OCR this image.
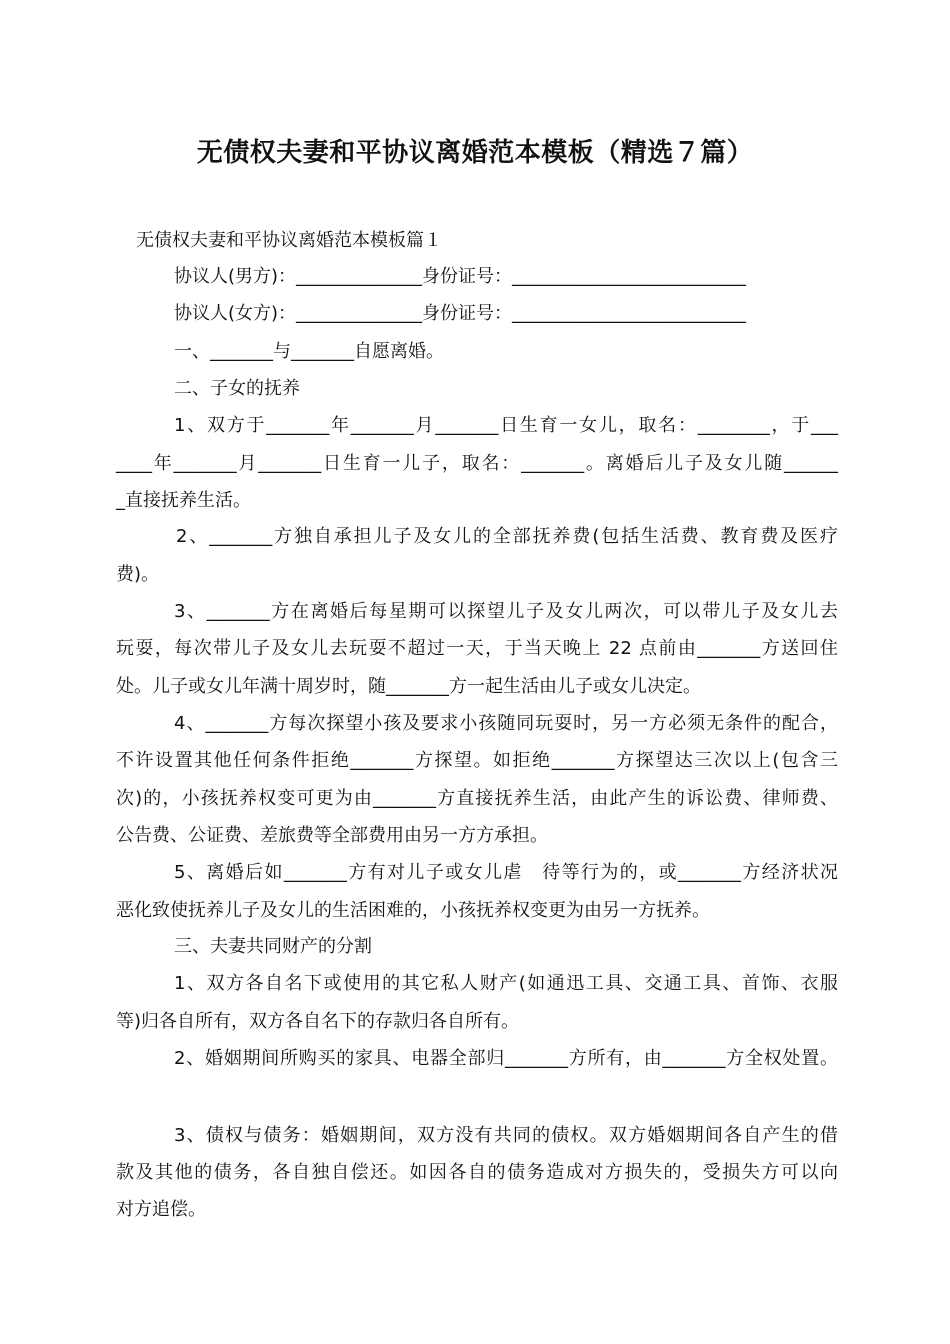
无债权夫妻和平协议离婚范本模板（精选７篇）
无债权夫妻和平协议离婚范本模板篇１
协议人(男方)：______________身份证号：__________________________
协议人(女方)：______________身份证号：__________________________
一、_______与_______自愿离婚。
二、子女的抚养
1、双方于_______年_______月_______日生育一女儿，取名：________，于___
____年_______月_______日生育一儿子，取名：_______。离婚后儿子及女儿随______
_直接抚养生活。
2、_______方独自承担儿子及女儿的全部抚养费(包括生活费、教育费及医疗
费)。
3、_______方在离婚后每星期可以探望儿子及女儿两次，可以带儿子及女儿去
玩耍，每次带儿子及女儿去玩耍不超过一天，于当天晚上 22 点前由_______方送回住
处。儿子或女儿年满十周岁时，随_______方一起生活由儿子或女儿决定。
4、_______方每次探望小孩及要求小孩随同玩耍时，另一方必须无条件的配合，
不许设置其他任何条件拒绝_______方探望。如拒绝_______方探望达三次以上(包含三
次)的，小孩抚养权变可更为由_______方直接抚养生活，由此产生的诉讼费、律师费、
公告费、公证费、差旅费等全部费用由另一方方承担。
5、离婚后如_______方有对儿子或女儿虐　待等行为的，或_______方经济状况
恶化致使抚养儿子及女儿的生活困难的，小孩抚养权变更为由另一方抚养。
三、夫妻共同财产的分割
1、双方各自名下或使用的其它私人财产(如通迅工具、交通工具、首饰、衣服
等)归各自所有，双方各自名下的存款归各自所有。
2、婚姻期间所购买的家具、电器全部归_______方所有，由_______方全权处置。
3、债权与债务：婚姻期间，双方没有共同的债权。双方婚姻期间各自产生的借
款及其他的债务，各自独自偿还。如因各自的债务造成对方损失的，受损失方可以向
对方追偿。
